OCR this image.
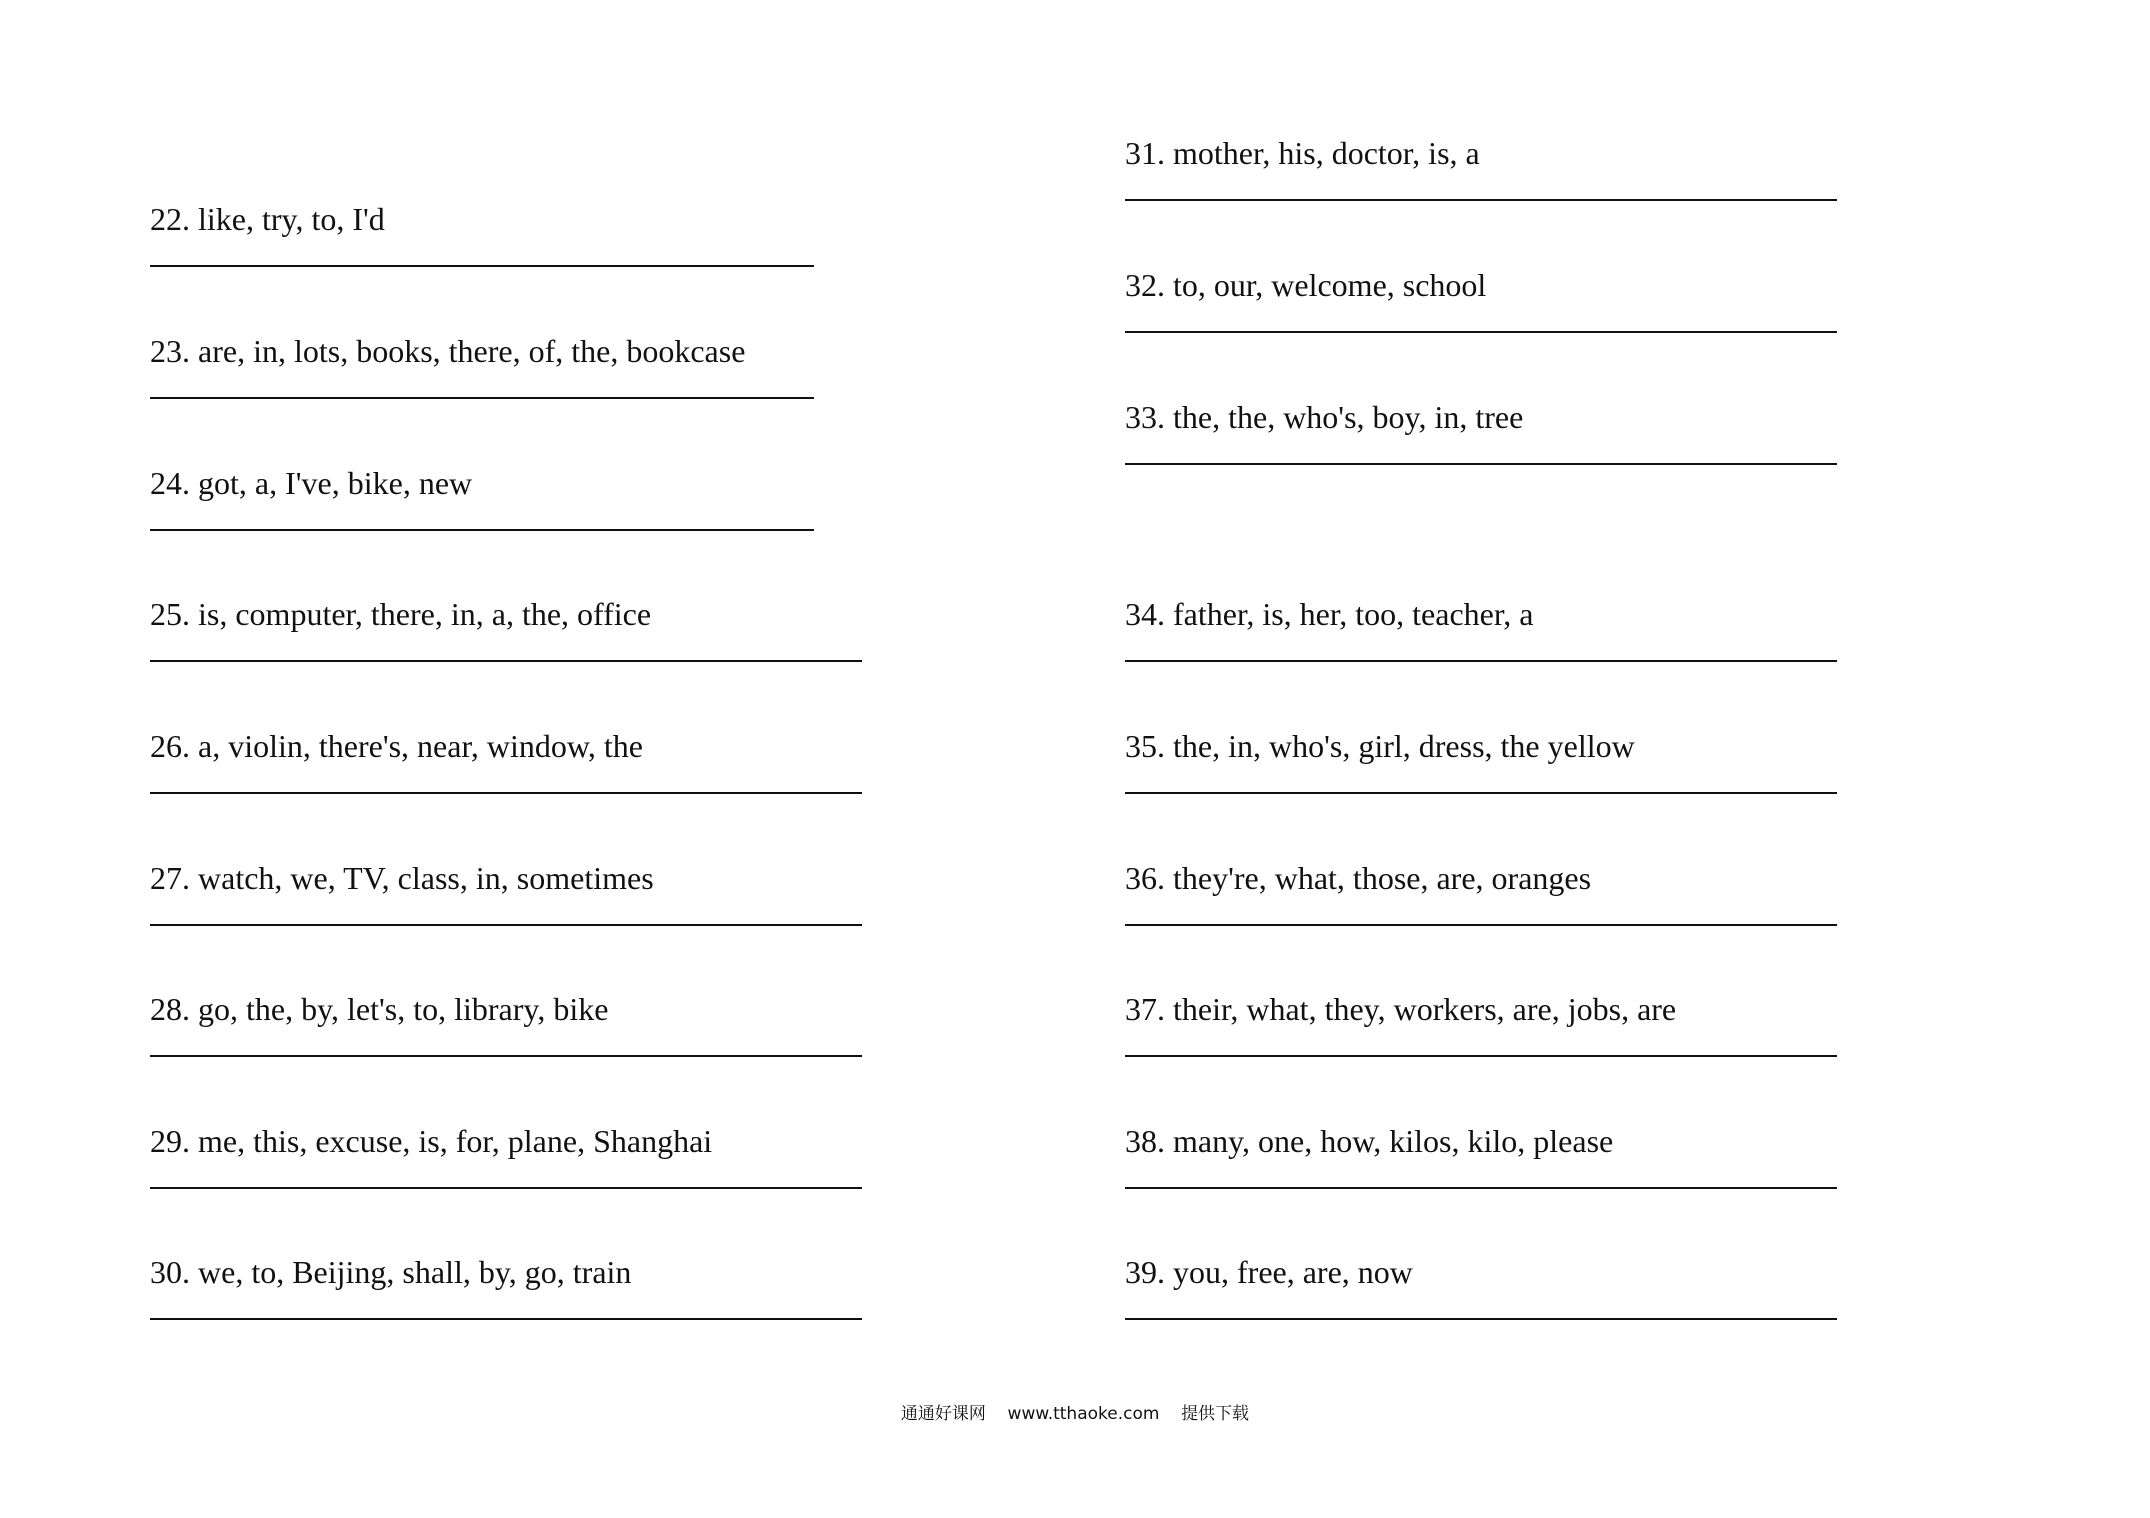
22. like, try, to, I'd
23. are, in, lots, books, there, of, the, bookcase
24. got, a, I've, bike, new
25. is, computer, there, in, a, the, office
26. a, violin, there's, near, window, the
27. watch, we, TV, class, in, sometimes
28. go, the, by, let's, to, library, bike
29. me, this, excuse, is, for, plane, Shanghai
30. we, to, Beijing, shall, by, go, train
31. mother, his, doctor, is, a
32. to, our, welcome, school
33. the, the, who's, boy, in, tree
34. father, is, her, too, teacher, a
35. the, in, who's, girl, dress, the yellow
36. they're, what, those, are, oranges
37. their, what, they, workers, are, jobs, are
38. many, one, how, kilos, kilo, please
39. you, free, are, now
通通好课网 www.tthaoke.com 提供下载
